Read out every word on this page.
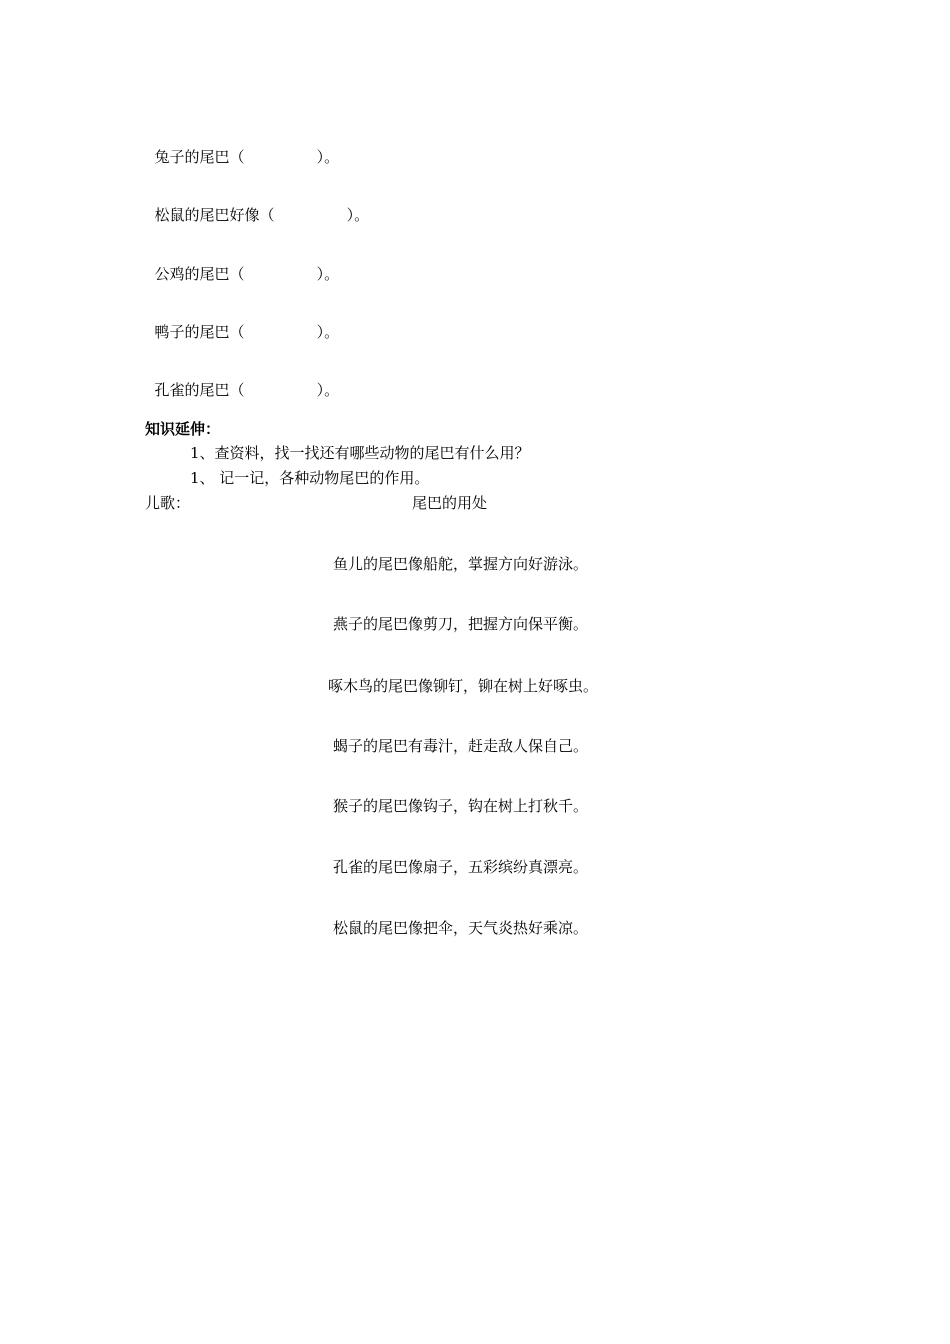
兔子的尾巴（	）。

松鼠的尾巴好像（	）。

公鸡的尾巴（	）。

鸭子的尾巴（	）。

孔雀的尾巴（	）。

知识延伸：
1、查资料，找一找还有哪些动物的尾巴有什么用？
1、 记一记，各种动物尾巴的作用。
儿歌：	尾巴的用处
鱼儿的尾巴像船舵，掌握方向好游泳。
燕子的尾巴像剪刀，把握方向保平衡。
啄木鸟的尾巴像铆钉，铆在树上好啄虫。
蝎子的尾巴有毒汁，赶走敌人保自己。
猴子的尾巴像钩子，钩在树上打秋千。
孔雀的尾巴像扇子，五彩缤纷真漂亮。
松鼠的尾巴像把伞，天气炎热好乘凉。
